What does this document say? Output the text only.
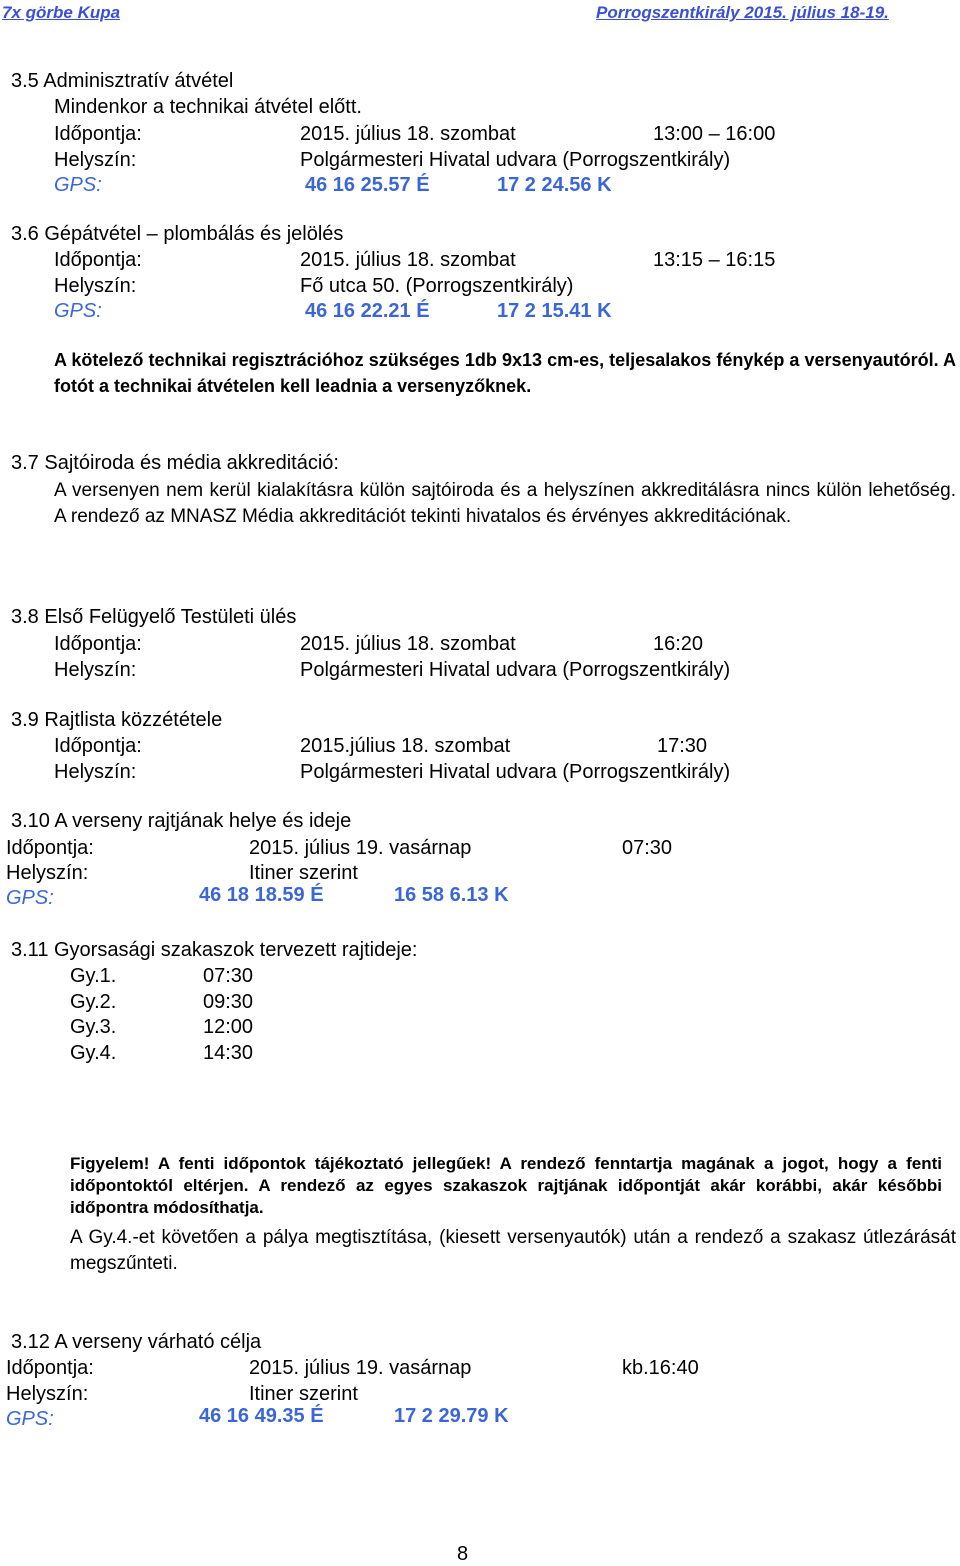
7x görbe Kupa	Porrogszentkirály 2015. július 18-19.
3.5 Adminisztratív átvétel
Mindenkor a technikai átvétel előtt.
Időpontja:	2015. július 18. szombat	13:00 – 16:00
Helyszín:	Polgármesteri Hivatal udvara (Porrogszentkirály)
GPS:	46 16 25.57 É	17 2 24.56 K
3.6 Gépátvétel – plombálás és jelölés
Időpontja:	2015. július 18. szombat	13:15 – 16:15
Helyszín:	Fő utca 50. (Porrogszentkirály)
GPS:	46 16 22.21 É	17 2 15.41 K
A kötelező technikai regisztrációhoz szükséges 1db 9x13 cm-es, teljesalakos fénykép a versenyautóról. A fotót a technikai átvételen kell leadnia a versenyzőknek.
3.7 Sajtóiroda és média akkreditáció:
A versenyen nem kerül kialakításra külön sajtóiroda és a helyszínen akkreditálásra nincs külön lehetőség. A rendező az MNASZ Média akkreditációt tekinti hivatalos és érvényes akkreditációnak.
3.8 Első Felügyelő Testületi ülés
Időpontja:	2015. július 18. szombat	16:20
Helyszín:	Polgármesteri Hivatal udvara (Porrogszentkirály)
3.9 Rajtlista közzététele
Időpontja:	2015.július 18. szombat	17:30
Helyszín:	Polgármesteri Hivatal udvara (Porrogszentkirály)
3.10 A verseny rajtjának helye és ideje
Időpontja:	2015. július 19. vasárnap	07:30
Helyszín:	Itiner szerint
GPS:	46 18 18.59 É	16 58 6.13 K
3.11 Gyorsasági szakaszok tervezett rajtideje:
Gy.1.	07:30
Gy.2.	09:30
Gy.3.	12:00
Gy.4.	14:30
Figyelem! A fenti időpontok tájékoztató jellegűek! A rendező fenntartja magának a jogot, hogy a fenti időpontoktól eltérjen. A rendező az egyes szakaszok rajtjának időpontját akár korábbi, akár későbbi időpontra módosíthatja.
A Gy.4.-et követően a pálya megtisztítása, (kiesett versenyautók) után a rendező a szakasz útlezárását megszűnteti.
3.12 A verseny várható célja
Időpontja:	2015. július 19. vasárnap	kb.16:40
Helyszín:	Itiner szerint
GPS:	46 16 49.35 É	17 2 29.79 K
8
